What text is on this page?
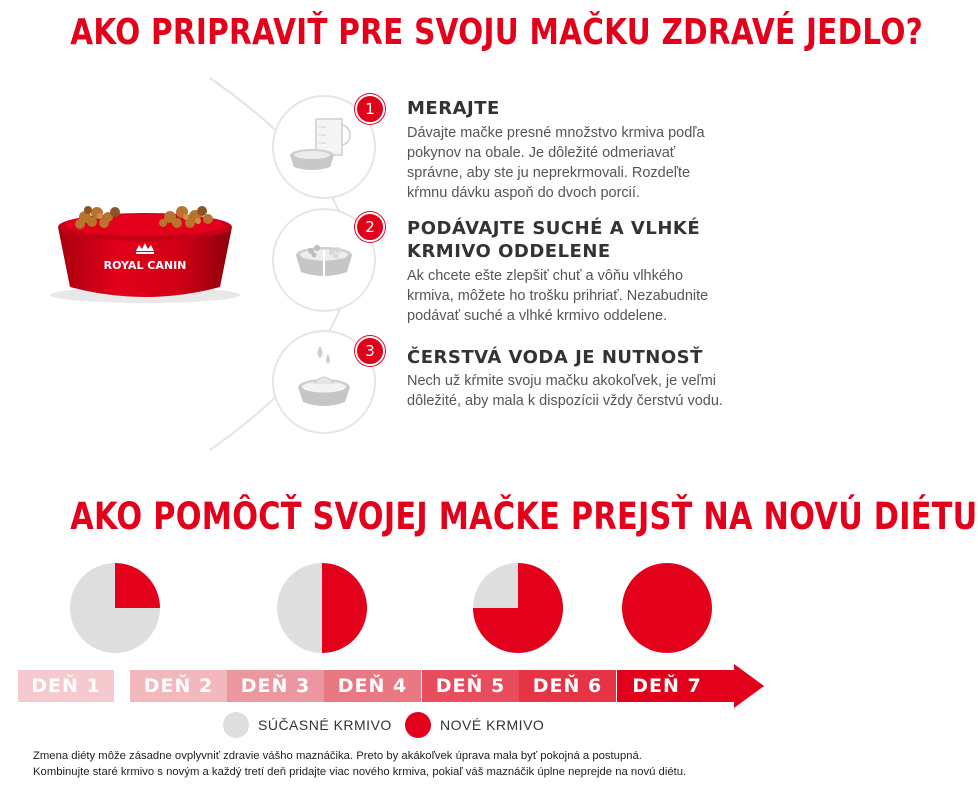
AKO PRIPRAVIŤ PRE SVOJU MAČKU ZDRAVÉ JEDLO?
ROYAL CANIN
1
2
3
MERAJTE
Dávajte mačke presné množstvo krmiva podľa
pokynov na obale. Je dôležité odmeriavať
správne, aby ste ju neprekrmovali. Rozdeľte
kŕmnu dávku aspoň do dvoch porcií.
PODÁVAJTE SUCHÉ A VLHKÉ
KRMIVO ODDELENE
Ak chcete ešte zlepšiť chuť a vôňu vlhkého
krmiva, môžete ho trošku prihriať. Nezabudnite
podávať suché a vlhké krmivo oddelene.
ČERSTVÁ VODA JE NUTNOSŤ
Nech už kŕmite svoju mačku akokoľvek, je veľmi
dôležité, aby mala k dispozícii vždy čerstvú vodu.
AKO POMÔCŤ SVOJEJ MAČKE PREJSŤ NA NOVÚ DIÉTU
DEŇ 1	DEŇ 2	DEŇ 3	DEŇ 4	DEŇ 5	DEŇ 6	DEŇ 7
SÚČASNÉ KRMIVO	NOVÉ KRMIVO
Zmena diéty môže zásadne ovplyvniť zdravie vášho maznáčika. Preto by akákoľvek úprava mala byť pokojná a postupná.
Kombinujte staré krmivo s novým a každý tretí deň pridajte viac nového krmiva, pokiaľ váš maznáčik úplne neprejde na novú diétu.
